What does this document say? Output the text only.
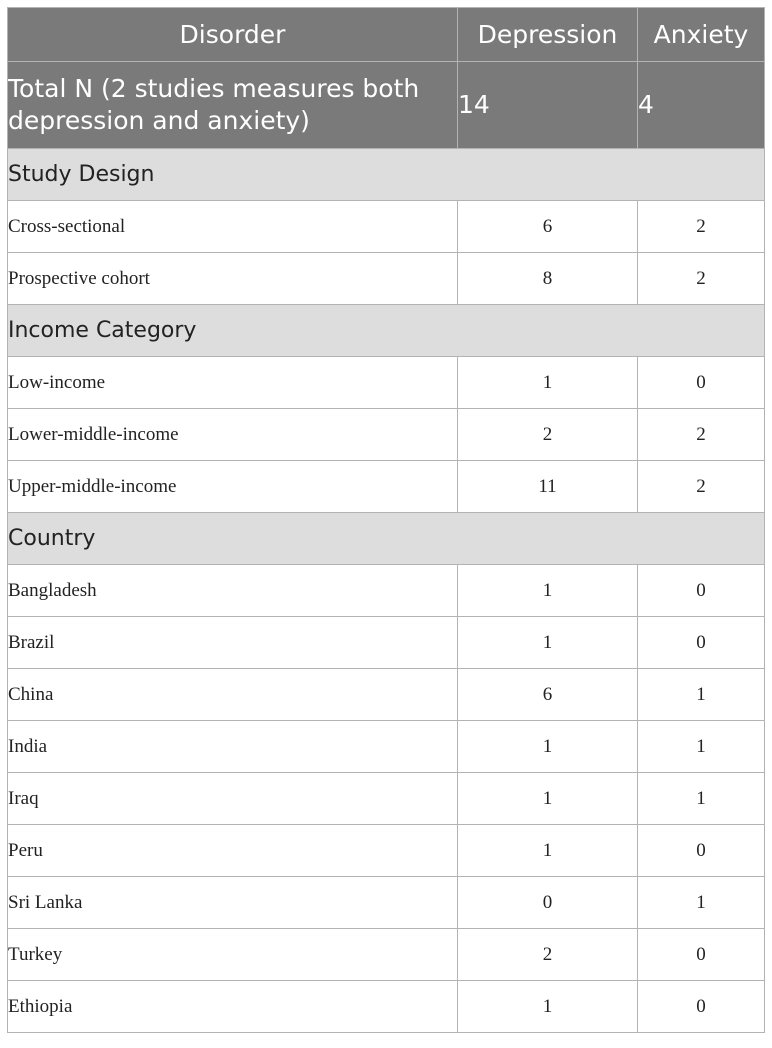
Disorder	Depression	Anxiety
Total N (2 studies measures both depression and anxiety)	14	4
Study Design		
Cross-sectional	6	2
Prospective cohort	8	2
Income Category		
Low-income	1	0
Lower-middle-income	2	2
Upper-middle-income	11	2
Country		
Bangladesh	1	0
Brazil	1	0
China	6	1
India	1	1
Iraq	1	1
Peru	1	0
Sri Lanka	0	1
Turkey	2	0
Ethiopia	1	0
